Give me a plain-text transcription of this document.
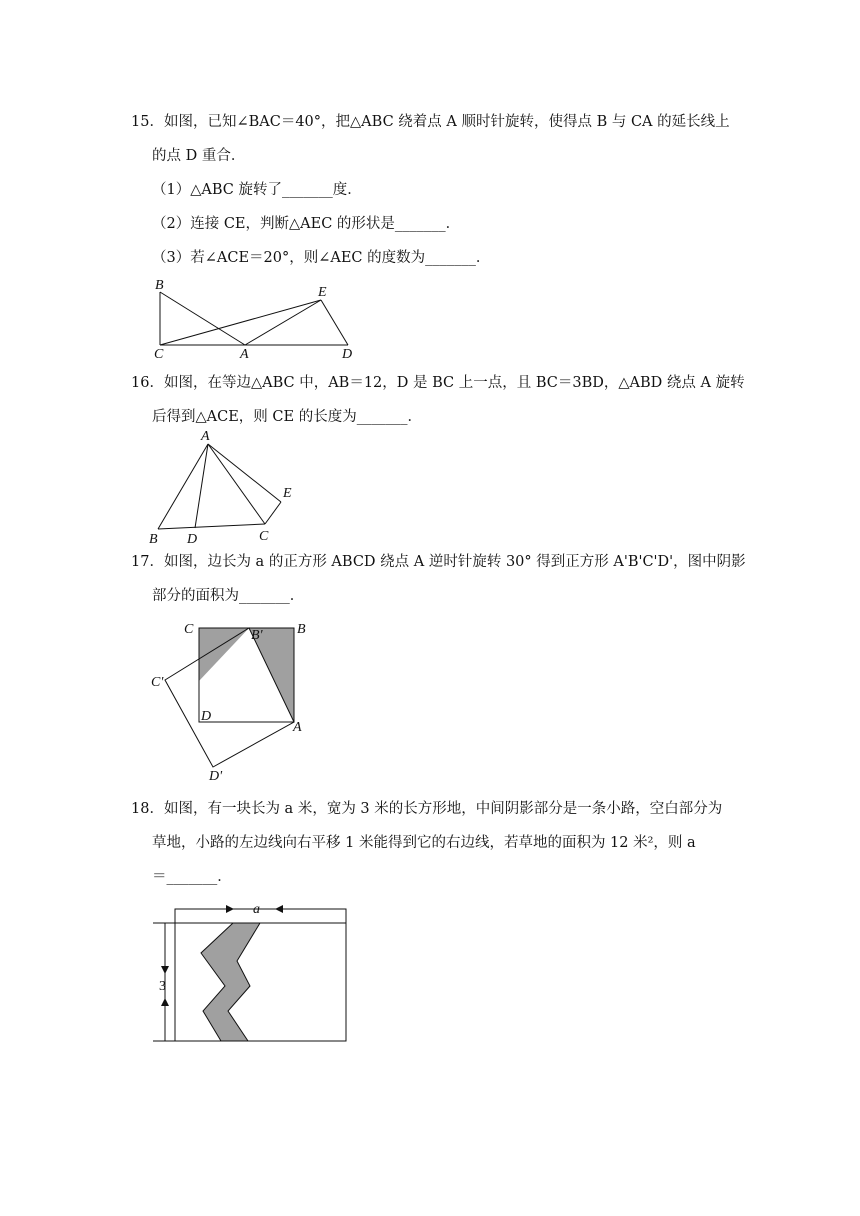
15．如图，已知∠BAC＝40°，把△ABC 绕着点 A 顺时针旋转，使得点 B 与 CA 的延长线上
的点 D 重合．
（1）△ABC 旋转了_______度．
（2）连接 CE，判断△AEC 的形状是_______．
（3）若∠ACE＝20°，则∠AEC 的度数为_______．
B	E
C	A	D
16．如图，在等边△ABC 中，AB＝12，D 是 BC 上一点，且 BC＝3BD，△ABD 绕点 A 旋转
后得到△ACE，则 CE 的长度为_______．
A
E
B D	C
17．如图，边长为 a 的正方形 ABCD 绕点 A 逆时针旋转 30° 得到正方形 A'B'C'D'，图中阴影
部分的面积为_______．
C	B' B
C'
D
A
D'
18．如图，有一块长为 a 米，宽为 3 米的长方形地，中间阴影部分是一条小路，空白部分为
草地，小路的左边线向右平移 1 米能得到它的右边线，若草地的面积为 12 米²，则 a
＝_______．
a
3
